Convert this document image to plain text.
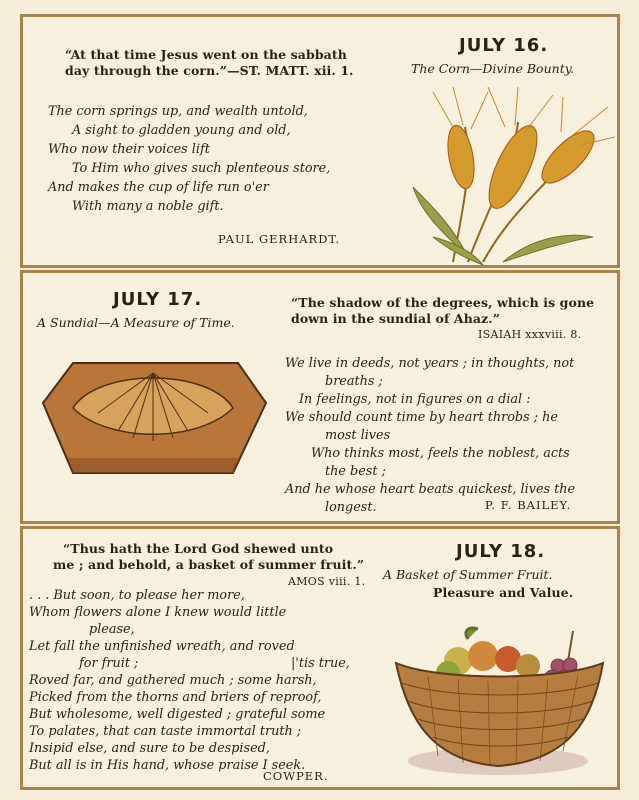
“At that time Jesus went on the sabbath
day through the corn.”—ST. MATT. xii. 1.
The corn springs up, and wealth untold,
A sight to gladden young and old,
Who now their voices lift
To Him who gives such plenteous store,
And makes the cup of life run o'er
With many a noble gift.
PAUL GERHARDT.
JULY 16.
The Corn—Divine Bounty.
JULY 17.
A Sundial—A Measure of Time.
“The shadow of the degrees, which is gone
down in the sundial of Ahaz.”
ISAIAH xxxviii. 8.
We live in deeds, not years ; in thoughts, not
breaths ;
In feelings, not in figures on a dial :
We should count time by heart throbs ; he
most lives
Who thinks most, feels the noblest, acts
the best ;
And he whose heart beats quickest, lives the
longest.	P. F. BAILEY.
“Thus hath the Lord God shewed unto
me ; and behold, a basket of summer fruit.”
AMOS viii. 1.
. . . But soon, to please her more,
Whom flowers alone I knew would little
please,
Let fall the unfinished wreath, and roved
for fruit ;	|'tis true,
Roved far, and gathered much ; some harsh,
Picked from the thorns and briers of reproof,
But wholesome, well digested ; grateful some
To palates, that can taste immortal truth ;
Insipid else, and sure to be despised,
But all is in His hand, whose praise I seek.
COWPER.
JULY 18.
A Basket of Summer Fruit.
Pleasure and Value.
